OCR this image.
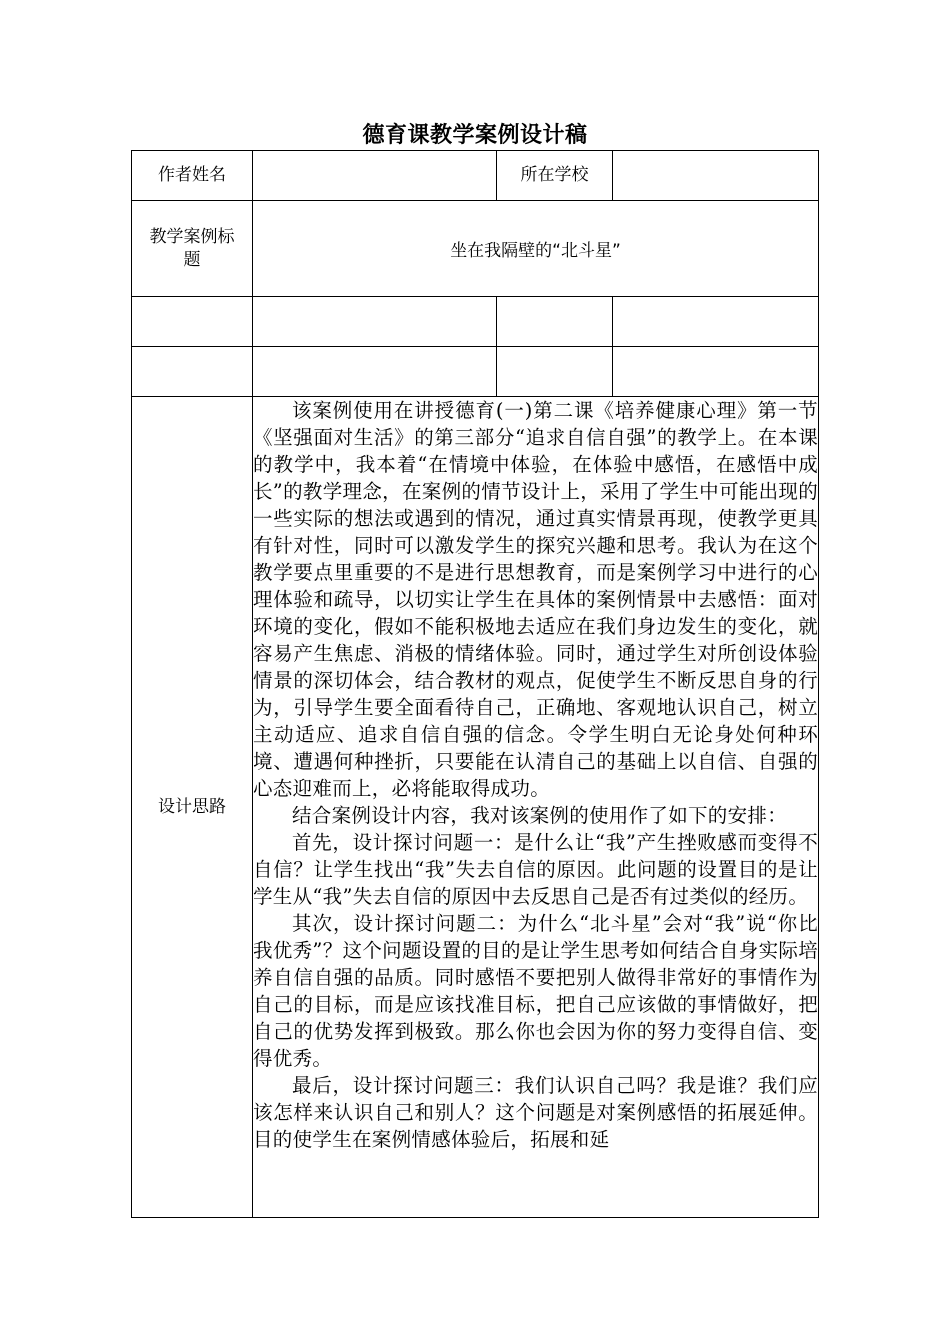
德育课教学案例设计稿
作者姓名		所在学校	
教学案例标题	坐在我隔壁的“北斗星”		

设计思路	该案例使用在讲授德育(一)第二课《培养健康心理》第一节《坚强面对生活》的第三部分“追求自信自强”的教学上。在本课的教学中，我本着“在情境中体验，在体验中感悟，在感悟中成长”的教学理念，在案例的情节设计上，采用了学生中可能出现的一些实际的想法或遇到的情况，通过真实情景再现，使教学更具有针对性，同时可以激发学生的探究兴趣和思考。我认为在这个教学要点里重要的不是进行思想教育，而是案例学习中进行的心理体验和疏导，以切实让学生在具体的案例情景中去感悟：面对环境的变化，假如不能积极地去适应在我们身边发生的变化，就容易产生焦虑、消极的情绪体验。同时，通过学生对所创设体验情景的深切体会，结合教材的观点，促使学生不断反思自身的行为，引导学生要全面看待自己，正确地、客观地认识自己，树立主动适应、追求自信自强的信念。令学生明白无论身处何种环境、遭遇何种挫折，只要能在认清自己的基础上以自信、自强的心态迎难而上，必将能取得成功。

结合案例设计内容，我对该案例的使用作了如下的安排：

首先，设计探讨问题一：是什么让“我”产生挫败感而变得不自信？让学生找出“我”失去自信的原因。此问题的设置目的是让学生从“我”失去自信的原因中去反思自己是否有过类似的经历。

其次，设计探讨问题二：为什么“北斗星”会对“我”说“你比我优秀”？这个问题设置的目的是让学生思考如何结合自身实际培养自信自强的品质。同时感悟不要把别人做得非常好的事情作为自己的目标，而是应该找准目标，把自己应该做的事情做好，把自己的优势发挥到极致。那么你也会因为你的努力变得自信、变得优秀。

最后，设计探讨问题三：我们认识自己吗？我是谁？我们应该怎样来认识自己和别人？这个问题是对案例感悟的拓展延伸。目的使学生在案例情感体验后，拓展和延		
